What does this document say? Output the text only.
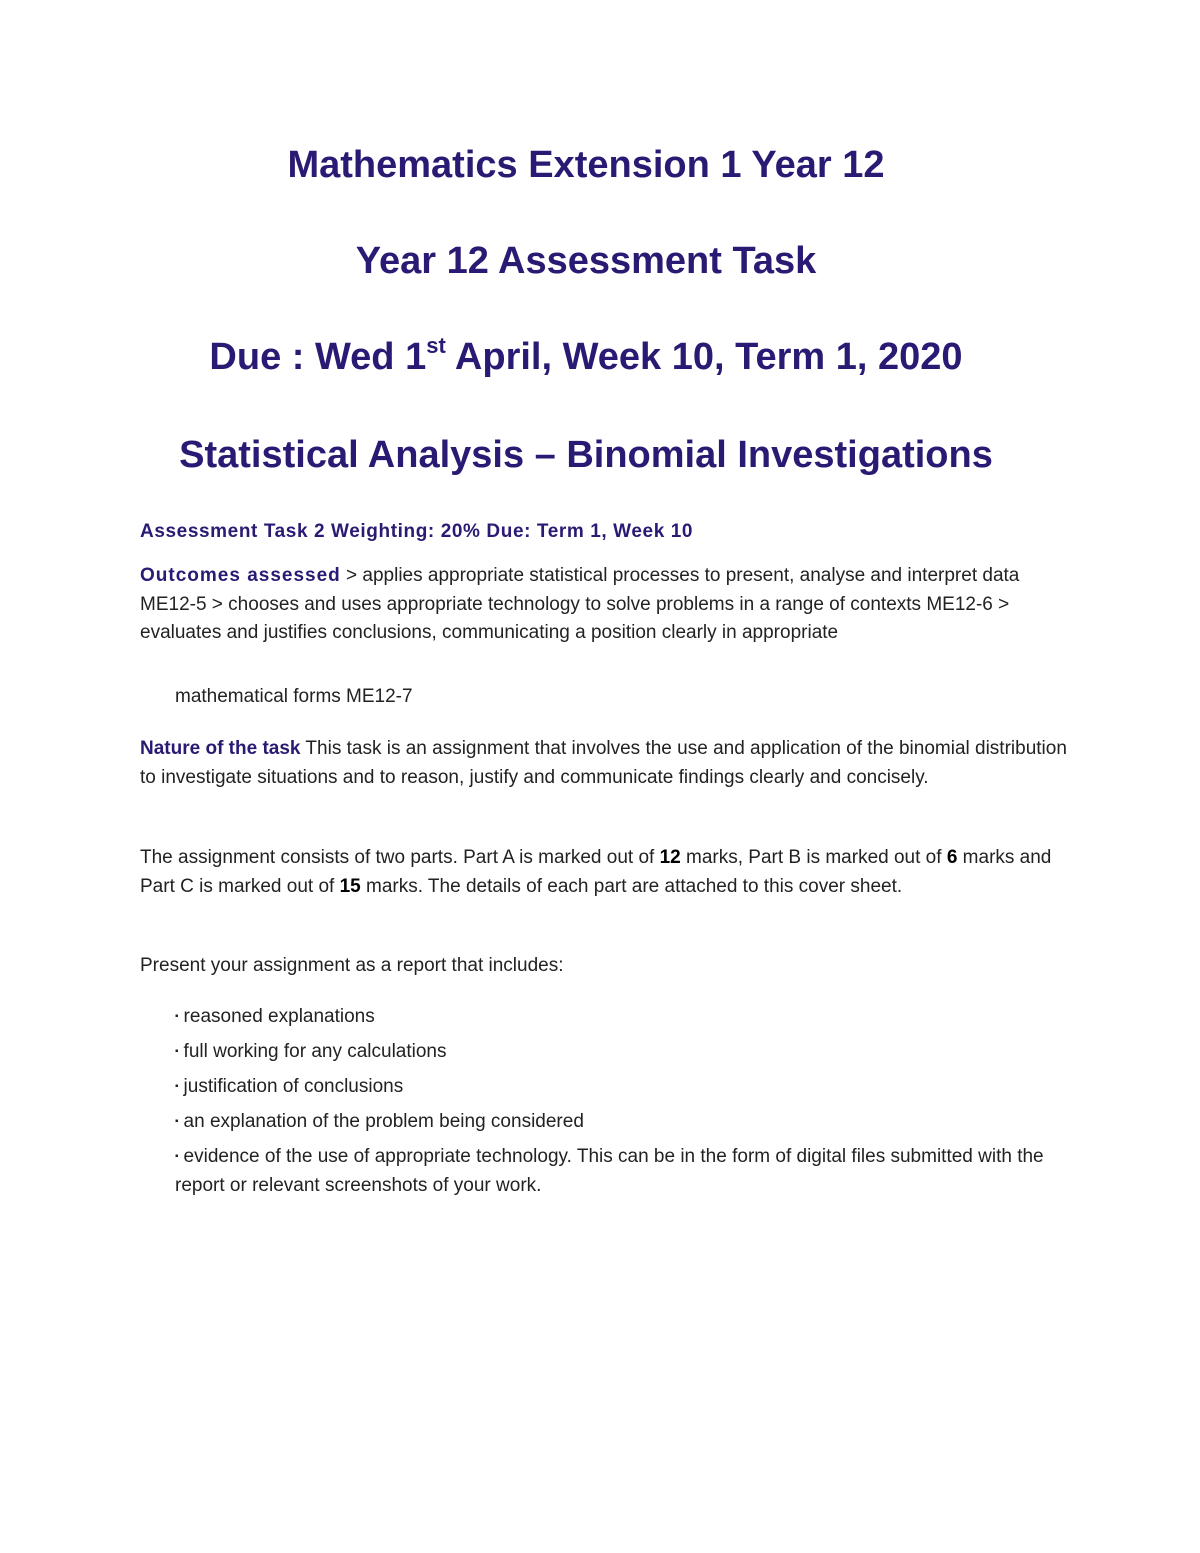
Mathematics Extension 1 Year 12
Year 12 Assessment Task
Due : Wed 1st April, Week 10, Term 1, 2020
Statistical Analysis – Binomial Investigations

Assessment Task 2 Weighting: 20% Due: Term 1, Week 10

Outcomes assessed > applies appropriate statistical processes to present, analyse and interpret data ME12-5 > chooses and uses appropriate technology to solve problems in a range of contexts ME12-6 > evaluates and justifies conclusions, communicating a position clearly in appropriate

mathematical forms ME12-7

Nature of the task This task is an assignment that involves the use and application of the binomial distribution to investigate situations and to reason, justify and communicate findings clearly and concisely.

The assignment consists of two parts. Part A is marked out of 12 marks, Part B is marked out of 6 marks and Part C is marked out of 15 marks. The details of each part are attached to this cover sheet.

Present your assignment as a report that includes:

▪ reasoned explanations
▪ full working for any calculations
▪ justification of conclusions
▪ an explanation of the problem being considered
▪ evidence of the use of appropriate technology. This can be in the form of digital files submitted with the report or relevant screenshots of your work.
